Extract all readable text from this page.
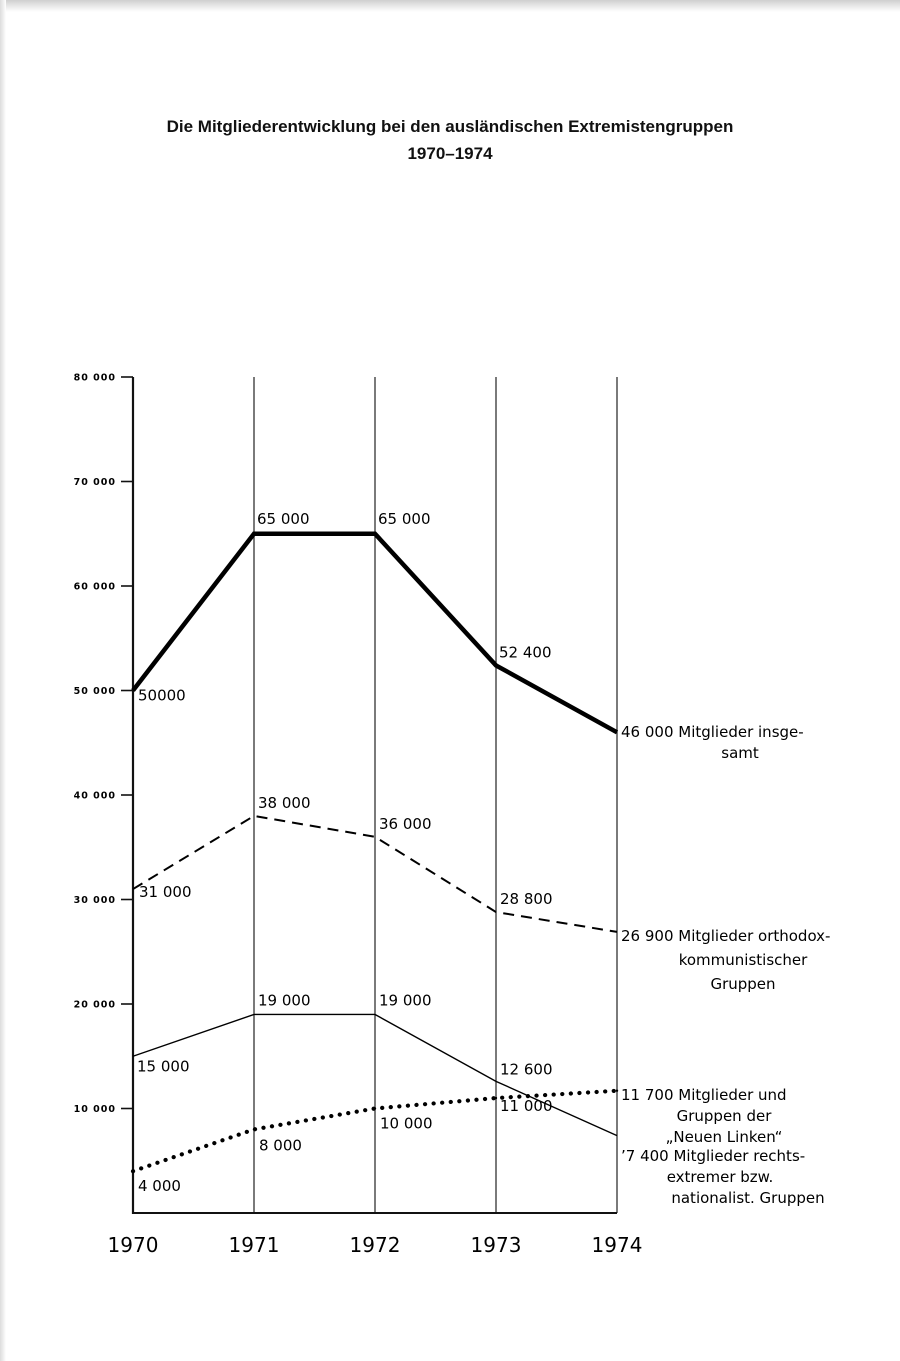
Die Mitgliederentwicklung bei den ausländischen Extremistengruppen
1970–1974
10 000
20 000
30 000
40 000
50 000
60 000
70 000
80 000
1970	1971	1972	1973	1974
50000
65 000	65 000
52 400
31 000
38 000
36 000
28 800
4 000
8 000
10 000
11 000
15 000
19 000	19 000
12 600
46 000 Mitglieder insge-
samt
26 900 Mitglieder orthodox-
kommunistischer
Gruppen
11 700 Mitglieder und
Gruppen der
„Neuen Linken“
’7 400 Mitglieder rechts-
extremer bzw.
nationalist. Gruppen
